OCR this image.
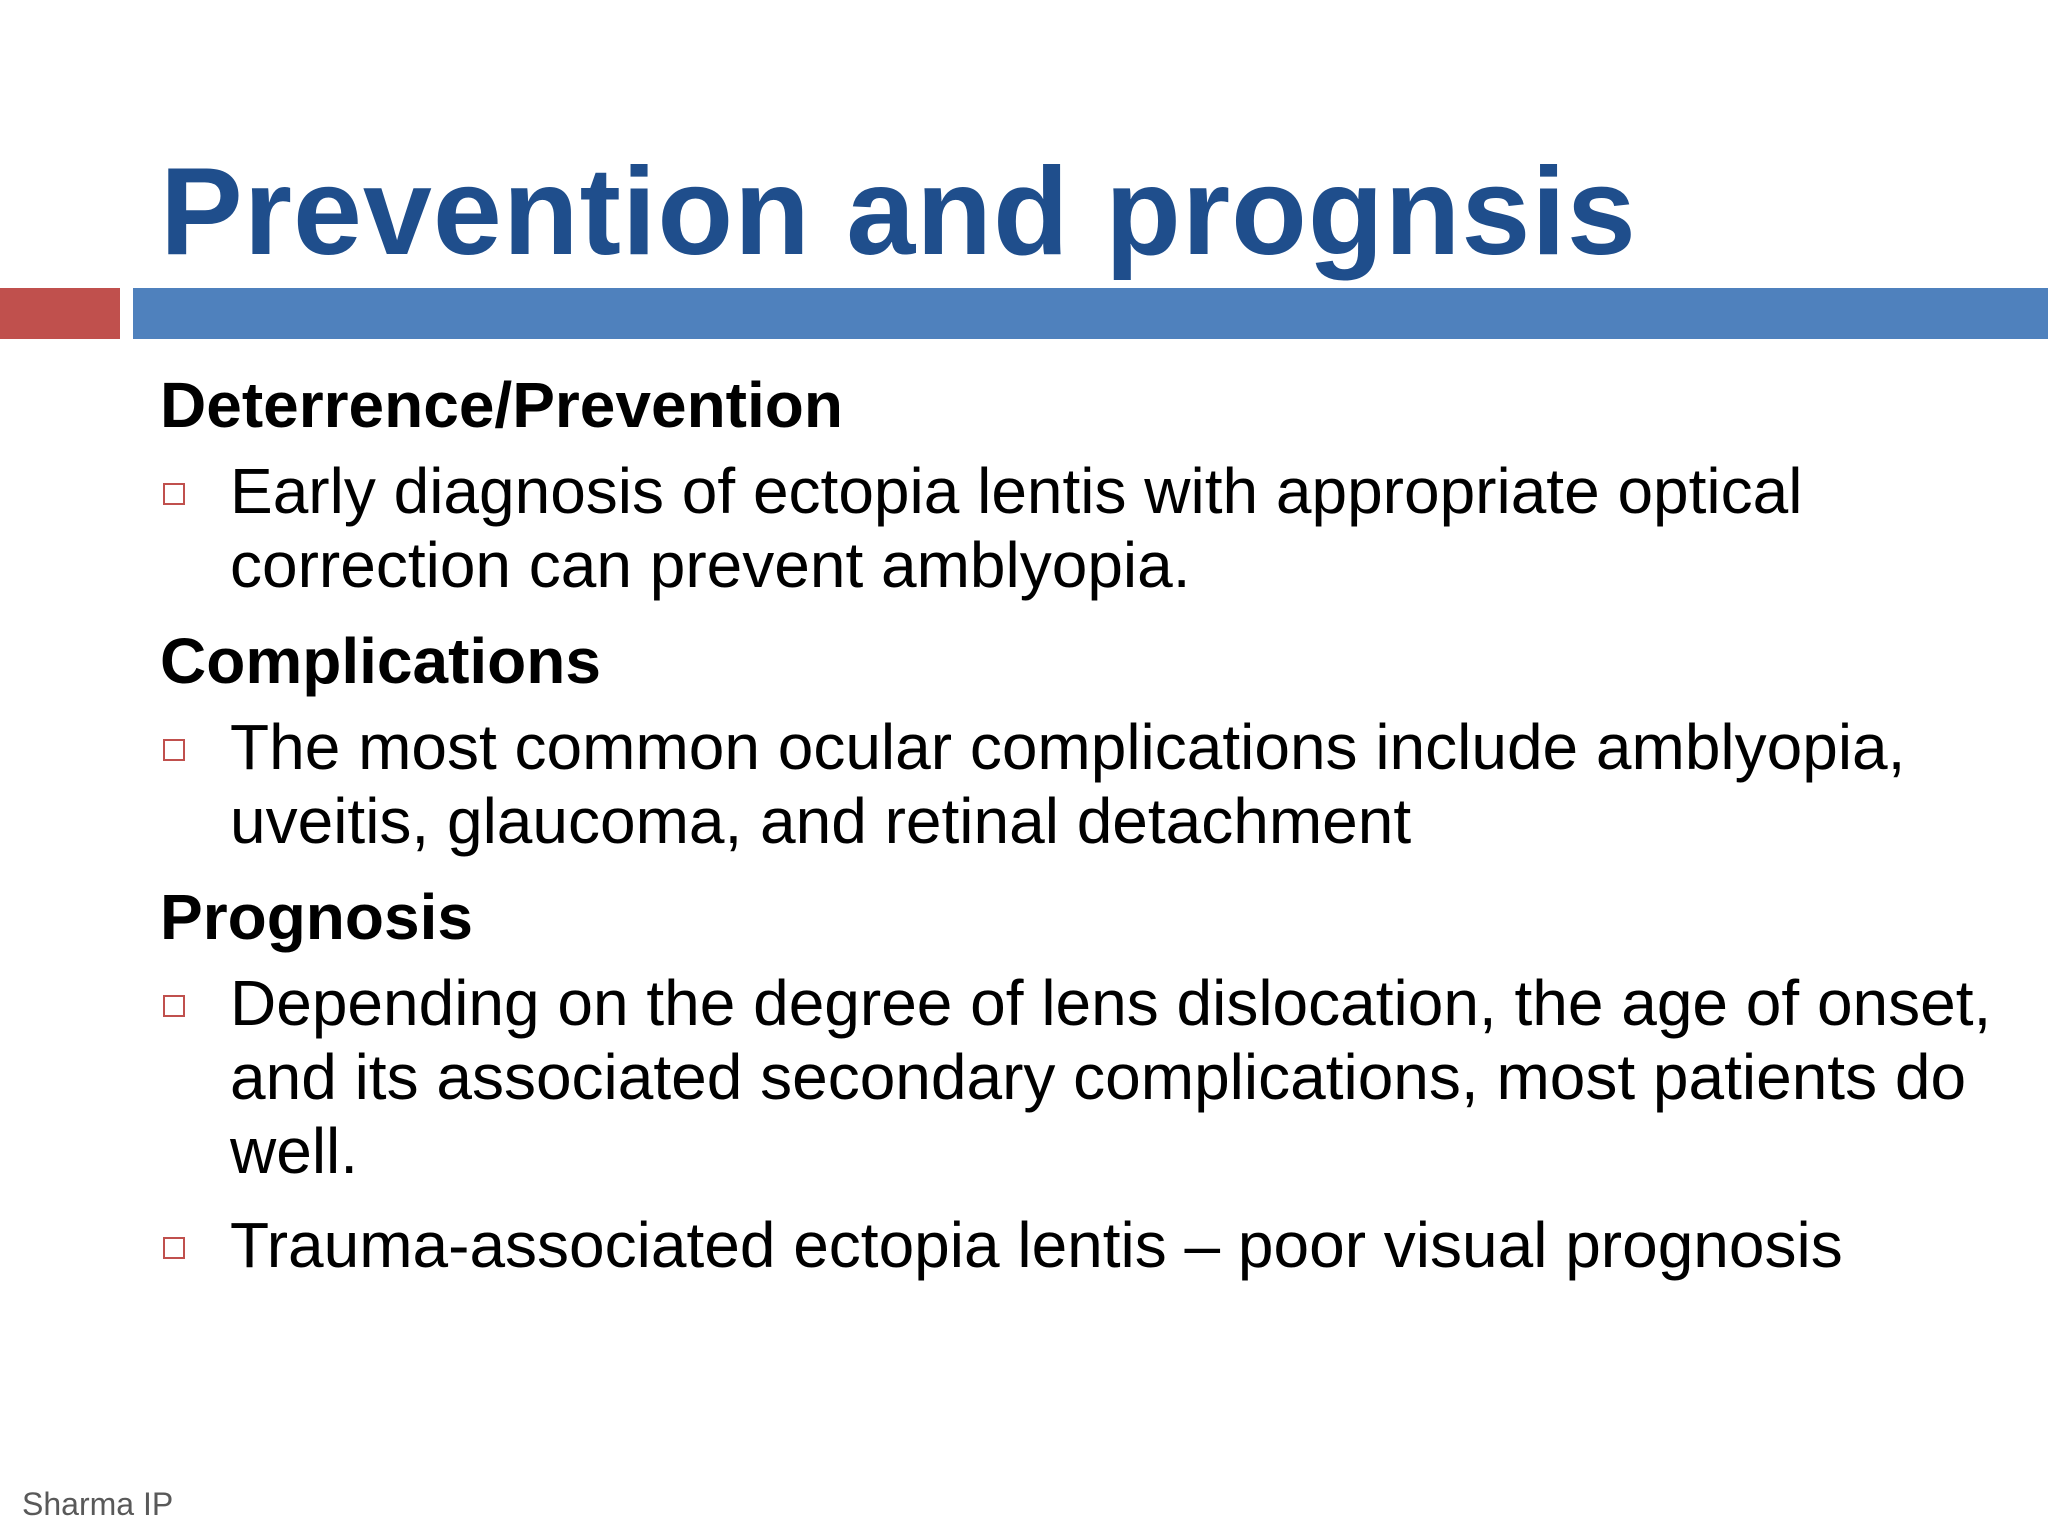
Prevention and prognsis
Deterrence/Prevention
Early diagnosis of ectopia lentis with appropriate optical correction can prevent amblyopia.
Complications
The most common ocular complications include amblyopia, uveitis, glaucoma, and retinal detachment
Prognosis
Depending on the degree of lens dislocation, the age of onset, and its associated secondary complications, most patients do well.
Trauma-associated ectopia lentis – poor visual prognosis
Sharma IP
